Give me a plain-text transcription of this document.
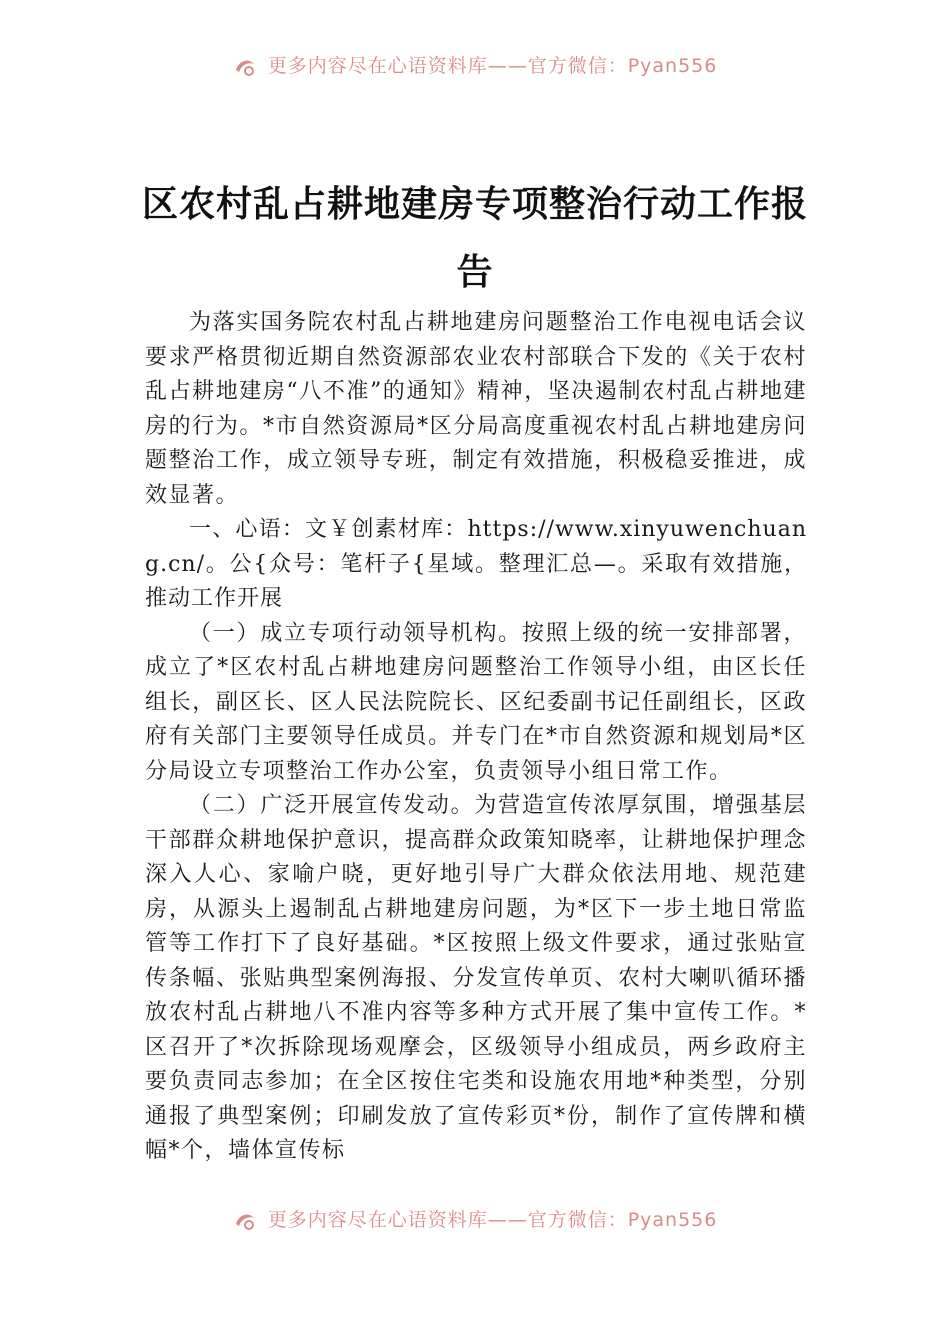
更多内容尽在心语资料库——官方微信：Pyan556
区农村乱占耕地建房专项整治行动工作报告

为落实国务院农村乱占耕地建房问题整治工作电视电话会议要求严格贯彻近期自然资源部农业农村部联合下发的《关于农村乱占耕地建房“八不准”的通知》精神，坚决遏制农村乱占耕地建房的行为。*市自然资源局*区分局高度重视农村乱占耕地建房问题整治工作，成立领导专班，制定有效措施，积极稳妥推进，成效显著。

一、心语：文￥创素材库：https://www.xinyuwenchuang.cn/。公{众号：笔杆子{星域。整理汇总—。采取有效措施，推动工作开展

（一）成立专项行动领导机构。按照上级的统一安排部署，成立了*区农村乱占耕地建房问题整治工作领导小组，由区长任组长，副区长、区人民法院院长、区纪委副书记任副组长，区政府有关部门主要领导任成员。并专门在*市自然资源和规划局*区分局设立专项整治工作办公室，负责领导小组日常工作。

（二）广泛开展宣传发动。为营造宣传浓厚氛围，增强基层干部群众耕地保护意识，提高群众政策知晓率，让耕地保护理念深入人心、家喻户晓，更好地引导广大群众依法用地、规范建房，从源头上遏制乱占耕地建房问题，为*区下一步土地日常监管等工作打下了良好基础。*区按照上级文件要求，通过张贴宣传条幅、张贴典型案例海报、分发宣传单页、农村大喇叭循环播放农村乱占耕地八不准内容等多种方式开展了集中宣传工作。*区召开了*次拆除现场观摩会，区级领导小组成员，两乡政府主要负责同志参加；在全区按住宅类和设施农用地*种类型，分别通报了典型案例；印刷发放了宣传彩页*份，制作了宣传牌和横幅*个，墙体宣传标

更多内容尽在心语资料库——官方微信：Pyan556
